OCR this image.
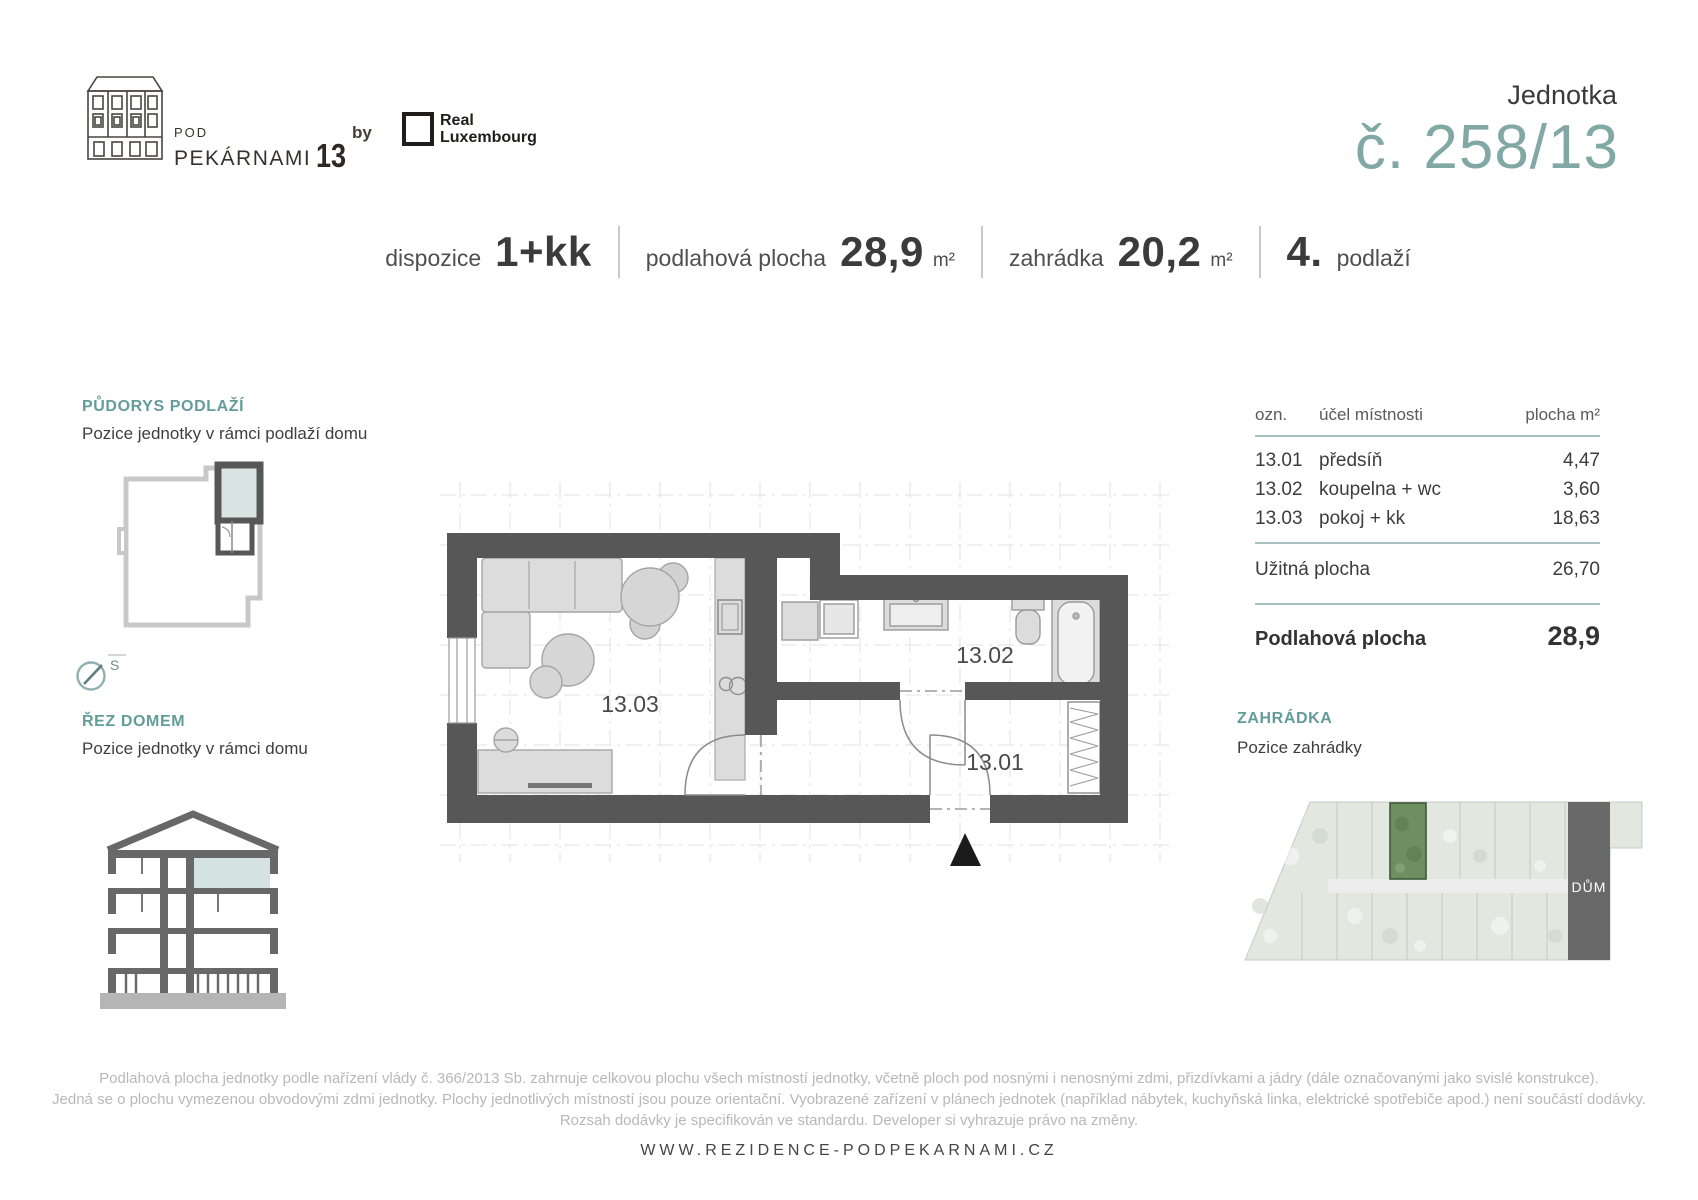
POD
PEKÁRNAMI 13
by
Real
Luxembourg
Jednotka
č. 258/13
dispozice 1+kk podlahová plocha 28,9 m² zahrádka 20,2 m² 4. podlaží
PŮDORYS PODLAŽÍ
Pozice jednotky v rámci podlaží domu
S
ŘEZ DOMEM
Pozice jednotky v rámci domu
13.03
13.02
13.01
ozn.	účel místnosti	plocha m²
13.01 předsíň	4,47
13.02 koupelna + wc	3,60
13.03 pokoj + kk	18,63
Užitná plocha	26,70
Podlahová plocha	28,9
ZAHRÁDKA
Pozice zahrádky
DŮM
Podlahová plocha jednotky podle nařízení vlády č. 366/2013 Sb. zahrnuje celkovou plochu všech místností jednotky, včetně ploch pod nosnými i nenosnými zdmi, přizdívkami a jádry (dále označovanými jako svislé konstrukce).
Jedná se o plochu vymezenou obvodovými zdmi jednotky. Plochy jednotlivých místností jsou pouze orientační. Vyobrazené zařízení v plánech jednotek (například nábytek, kuchyňská linka, elektrické spotřebiče apod.) není součástí dodávky.
Rozsah dodávky je specifikován ve standardu. Developer si vyhrazuje právo na změny.
WWW.REZIDENCE-PODPEKARNAMI.CZ
